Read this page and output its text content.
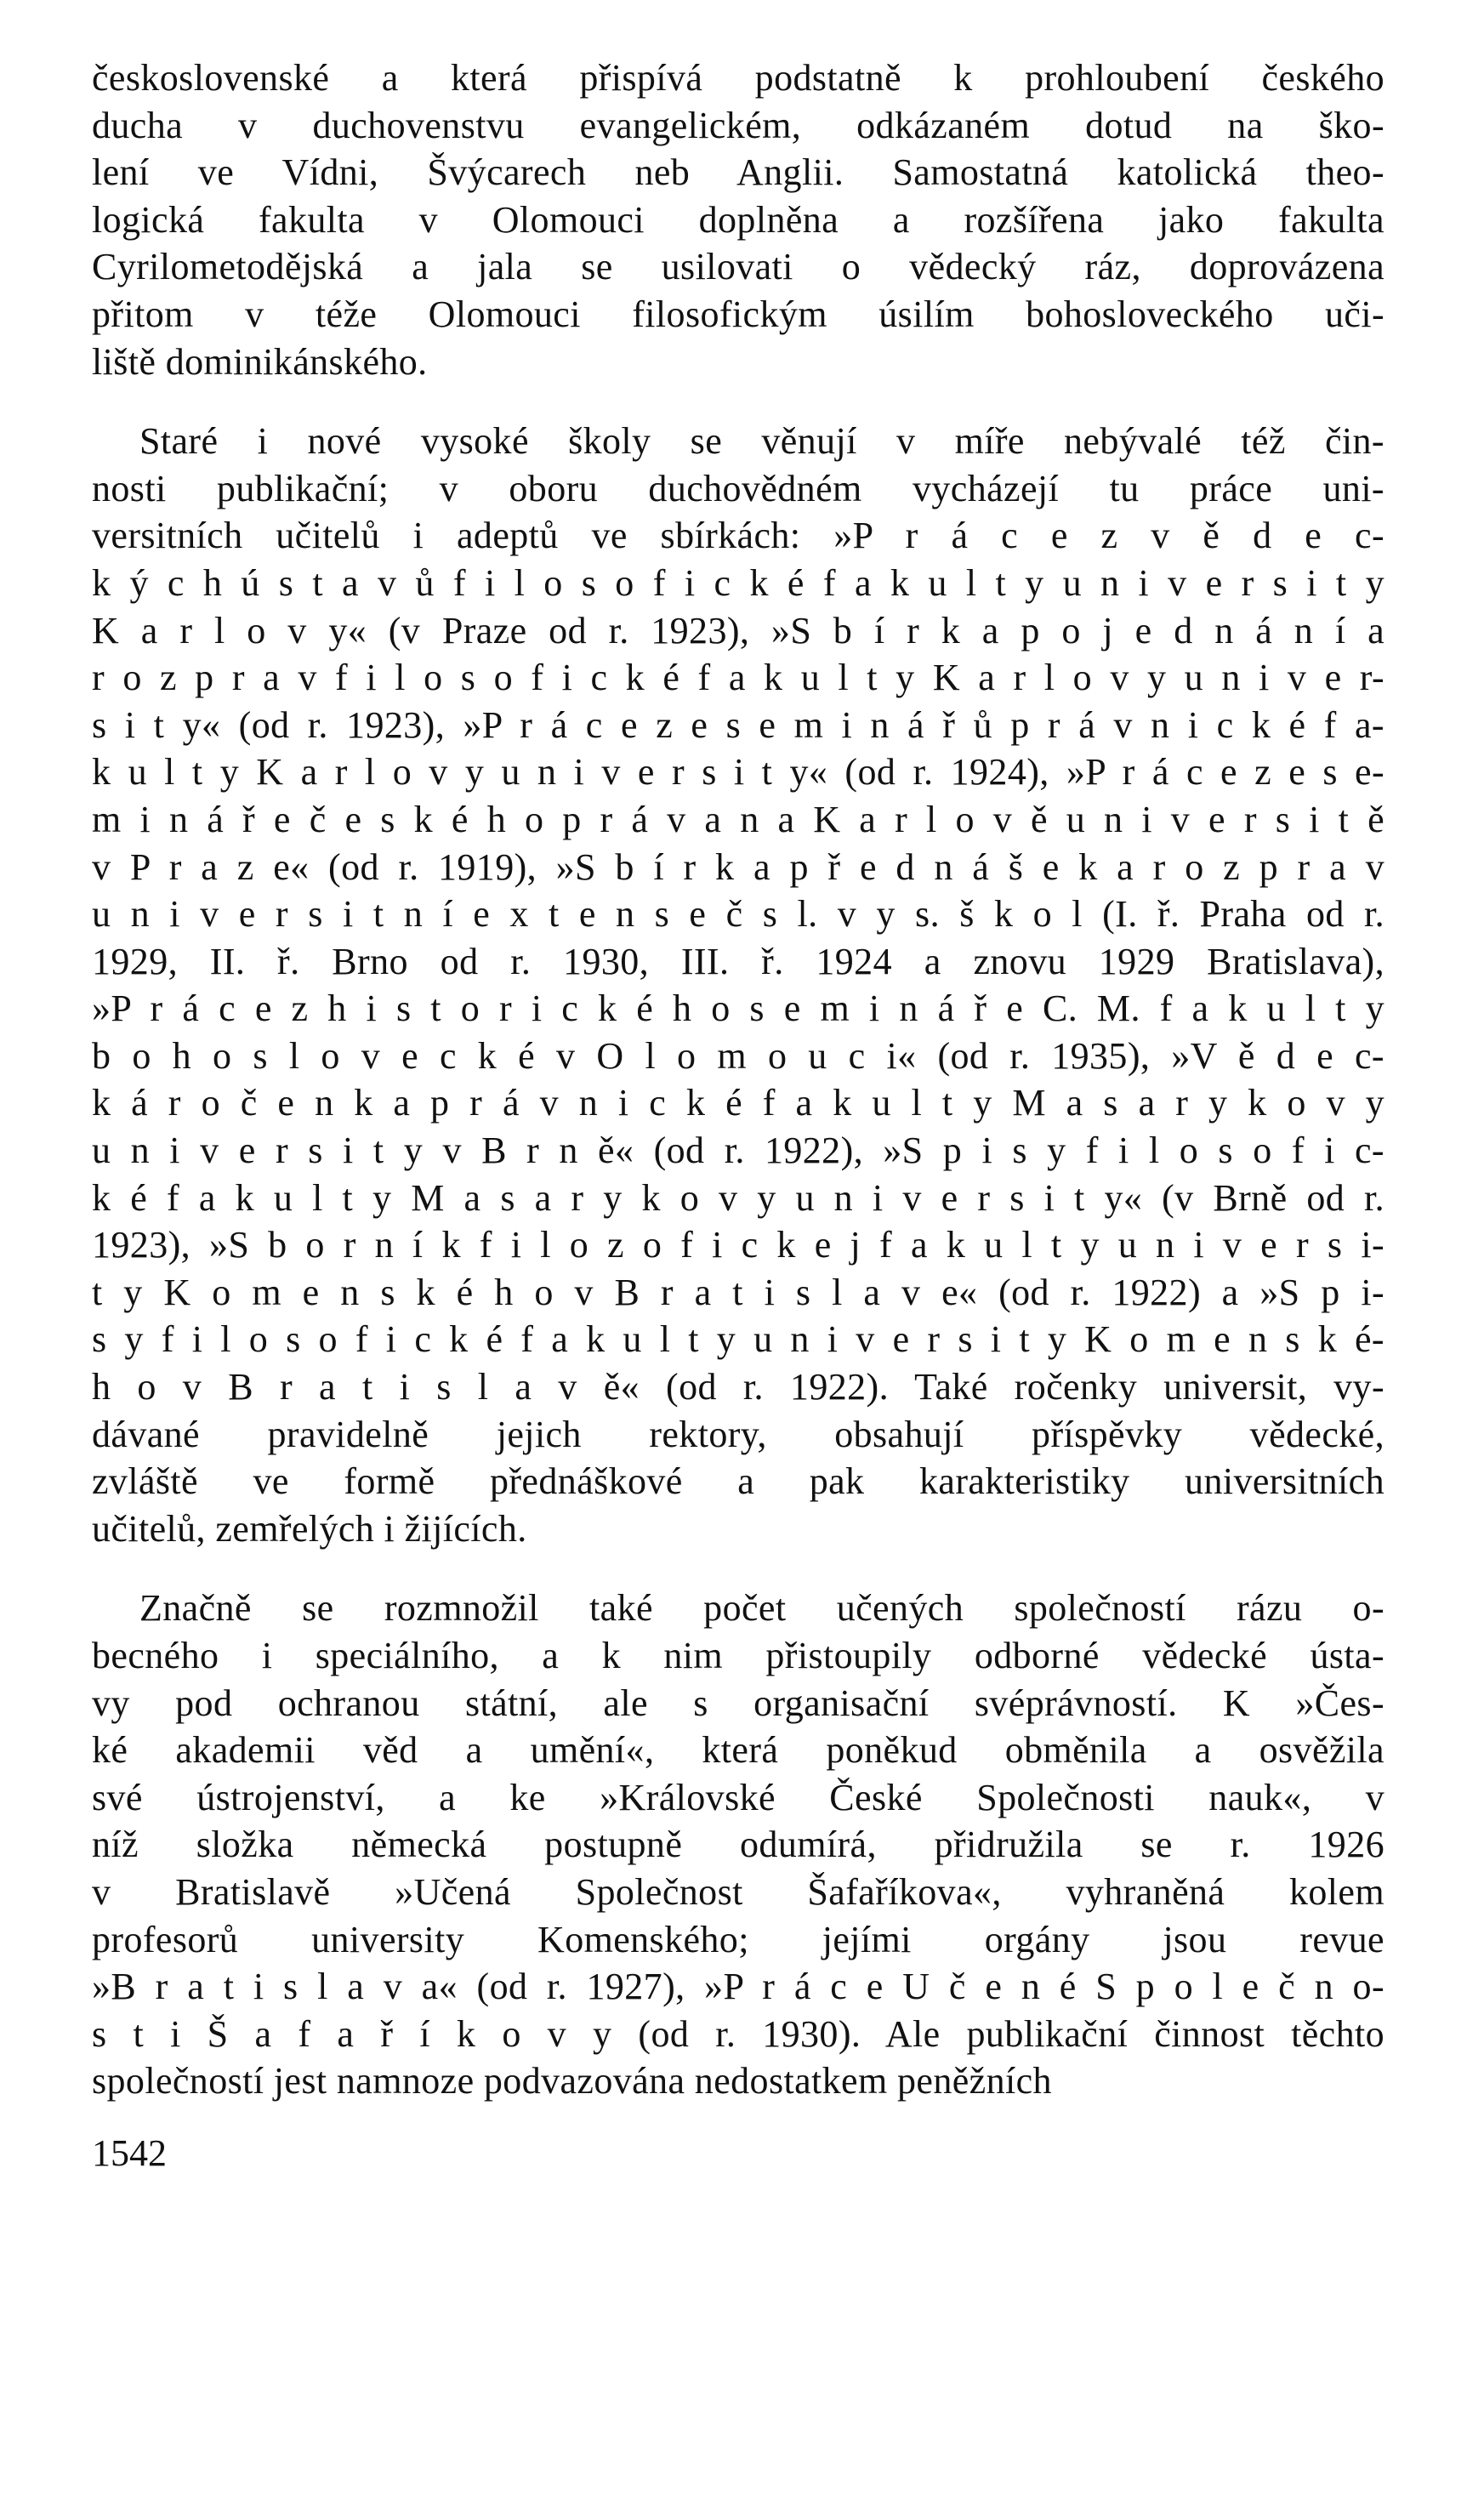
československé a která přispívá podstatně k prohloubení českého
ducha v duchovenstvu evangelickém, odkázaném dotud na ško-
lení ve Vídni, Švýcarech neb Anglii. Samostatná katolická theo-
logická fakulta v Olomouci doplněna a rozšířena jako fakulta
Cyrilometodějská a jala se usilovati o vědecký ráz, doprovázena
přitom v téže Olomouci filosofickým úsilím bohosloveckého uči-
liště dominikánského.
Staré i nové vysoké školy se věnují v míře nebývalé též čin-
nosti publikační; v oboru duchovědném vycházejí tu práce uni-
versitních učitelů i adeptů ve sbírkách: »P r á c e z v ě d e c-
k ý c h ú s t a v ů f i l o s o f i c k é f a k u l t y u n i v e r s i t y
K a r l o v y« (v Praze od r. 1923), »S b í r k a p o j e d n á n í a
r o z p r a v f i l o s o f i c k é f a k u l t y K a r l o v y u n i v e r-
s i t y« (od r. 1923), »P r á c e z e s e m i n á ř ů p r á v n i c k é f a-
k u l t y K a r l o v y u n i v e r s i t y« (od r. 1924), »P r á c e z e s e-
m i n á ř e č e s k é h o p r á v a n a K a r l o v ě u n i v e r s i t ě
v P r a z e« (od r. 1919), »S b í r k a p ř e d n á š e k a r o z p r a v
u n i v e r s i t n í e x t e n s e č s l. v y s. š k o l (I. ř. Praha od r.
1929, II. ř. Brno od r. 1930, III. ř. 1924 a znovu 1929 Bratislava),
»P r á c e z h i s t o r i c k é h o s e m i n á ř e C. M. f a k u l t y
b o h o s l o v e c k é v O l o m o u c i« (od r. 1935), »V ě d e c-
k á r o č e n k a p r á v n i c k é f a k u l t y M a s a r y k o v y
u n i v e r s i t y v B r n ě« (od r. 1922), »S p i s y f i l o s o f i c-
k é f a k u l t y M a s a r y k o v y u n i v e r s i t y« (v Brně od r.
1923), »S b o r n í k f i l o z o f i c k e j f a k u l t y u n i v e r s i-
t y K o m e n s k é h o v B r a t i s l a v e« (od r. 1922) a »S p i-
s y f i l o s o f i c k é f a k u l t y u n i v e r s i t y K o m e n s k é-
h o v B r a t i s l a v ě« (od r. 1922). Také ročenky universit, vy-
dávané pravidelně jejich rektory, obsahují příspěvky vědecké,
zvláště ve formě přednáškové a pak karakteristiky universitních
učitelů, zemřelých i žijících.
Značně se rozmnožil také počet učených společností rázu o-
becného i speciálního, a k nim přistoupily odborné vědecké ústa-
vy pod ochranou státní, ale s organisační svéprávností. K »Čes-
ké akademii věd a umění«, která poněkud obměnila a osvěžila
své ústrojenství, a ke »Královské České Společnosti nauk«, v
níž složka německá postupně odumírá, přidružila se r. 1926
v Bratislavě »Učená Společnost Šafaříkova«, vyhraněná kolem
profesorů university Komenského; jejími orgány jsou revue
»B r a t i s l a v a« (od r. 1927), »P r á c e U č e n é S p o l e č n o-
s t i Š a f a ř í k o v y (od r. 1930). Ale publikační činnost těchto
společností jest namnoze podvazována nedostatkem peněžních
1542
